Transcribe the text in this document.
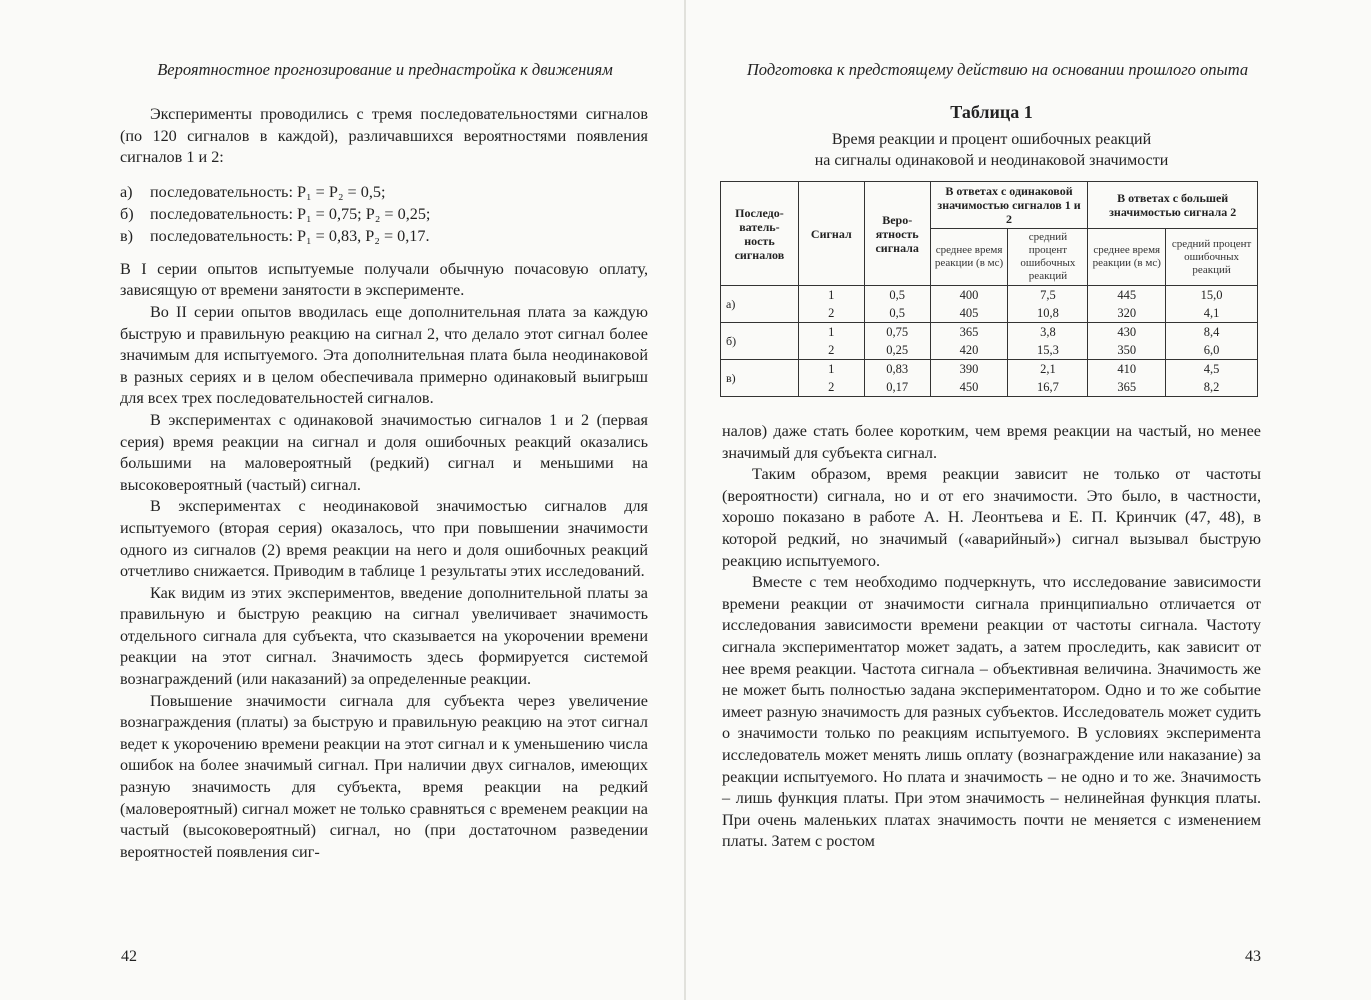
Вероятностное прогнозирование и преднастройка к движениям

Эксперименты проводились с тремя последовательностями сигналов (по 120 сигналов в каждой), различавшихся вероятностями появления сигналов 1 и 2:

а)	последовательность: P₁ = P₂ = 0,5;
б)	последовательность: P₁ = 0,75; P₂ = 0,25;
в)	последовательность: P₁ = 0,83, P₂ = 0,17.

В I серии опытов испытуемые получали обычную почасовую оплату, зависящую от времени занятости в эксперименте.

Во II серии опытов вводилась еще дополнительная плата за каждую быструю и правильную реакцию на сигнал 2, что делало этот сигнал более значимым для испытуемого. Эта дополнительная плата была неодинаковой в разных сериях и в целом обеспечивала примерно одинаковый выигрыш для всех трех последовательностей сигналов.

В экспериментах с одинаковой значимостью сигналов 1 и 2 (первая серия) время реакции на сигнал и доля ошибочных реакций оказались большими на маловероятный (редкий) сигнал и меньшими на высоковероятный (частый) сигнал.

В экспериментах с неодинаковой значимостью сигналов для испытуемого (вторая серия) оказалось, что при повышении значимости одного из сигналов (2) время реакции на него и доля ошибочных реакций отчетливо снижается. Приводим в таблице 1 результаты этих исследований.

Как видим из этих экспериментов, введение дополнительной платы за правильную и быструю реакцию на сигнал увеличивает значимость отдельного сигнала для субъекта, что сказывается на укорочении времени реакции на этот сигнал. Значимость здесь формируется системой вознаграждений (или наказаний) за определенные реакции.

Повышение значимости сигнала для субъекта через увеличение вознаграждения (платы) за быструю и правильную реакцию на этот сигнал ведет к укорочению времени реакции на этот сигнал и к уменьшению числа ошибок на более значимый сигнал. При наличии двух сигналов, имеющих разную значимость для субъекта, время реакции на редкий (маловероятный) сигнал может не только сравняться с временем реакции на частый (высоковероятный) сигнал, но (при достаточном разведении вероятностей появления сиг-

42
Подготовка к предстоящему действию на основании прошлого опыта
Таблица 1
Время реакции и процент ошибочных реакций
на сигналы одинаковой и неодинаковой значимости
Последо-ватель-ность сигналов	Сигнал	Веро-ятность сигнала	В ответах с одинаковой значимостью сигналов 1 и 2		В ответах с большей значимостью сигнала 2	
			среднее время реакции (в мс)	средний процент ошибочных реакций	среднее время реакции (в мс)	средний процент ошибочных реакций
а)	1	0,5	400	7,5	445	15,0
	2	0,5	405	10,8	320	4,1
б)	1	0,75	365	3,8	430	8,4
	2	0,25	420	15,3	350	6,0
в)	1	0,83	390	2,1	410	4,5
	2	0,17	450	16,7	365	8,2

налов) даже стать более коротким, чем время реакции на частый, но менее значимый для субъекта сигнал.

Таким образом, время реакции зависит не только от частоты (вероятности) сигнала, но и от его значимости. Это было, в частности, хорошо показано в работе А. Н. Леонтьева и Е. П. Кринчик (47, 48), в которой редкий, но значимый («аварийный») сигнал вызывал быструю реакцию испытуемого.

Вместе с тем необходимо подчеркнуть, что исследование зависимости времени реакции от значимости сигнала принципиально отличается от исследования зависимости времени реакции от частоты сигнала. Частоту сигнала экспериментатор может задать, а затем проследить, как зависит от нее время реакции. Частота сигнала – объективная величина. Значимость же не может быть полностью задана экспериментатором. Одно и то же событие имеет разную значимость для разных субъектов. Исследователь может судить о значимости только по реакциям испытуемого. В условиях эксперимента исследователь может менять лишь оплату (вознаграждение или наказание) за реакции испытуемого. Но плата и значимость – не одно и то же. Значимость – лишь функция платы. При этом значимость – нелинейная функция платы. При очень маленьких платах значимость почти не меняется с изменением платы. Затем с ростом

43
